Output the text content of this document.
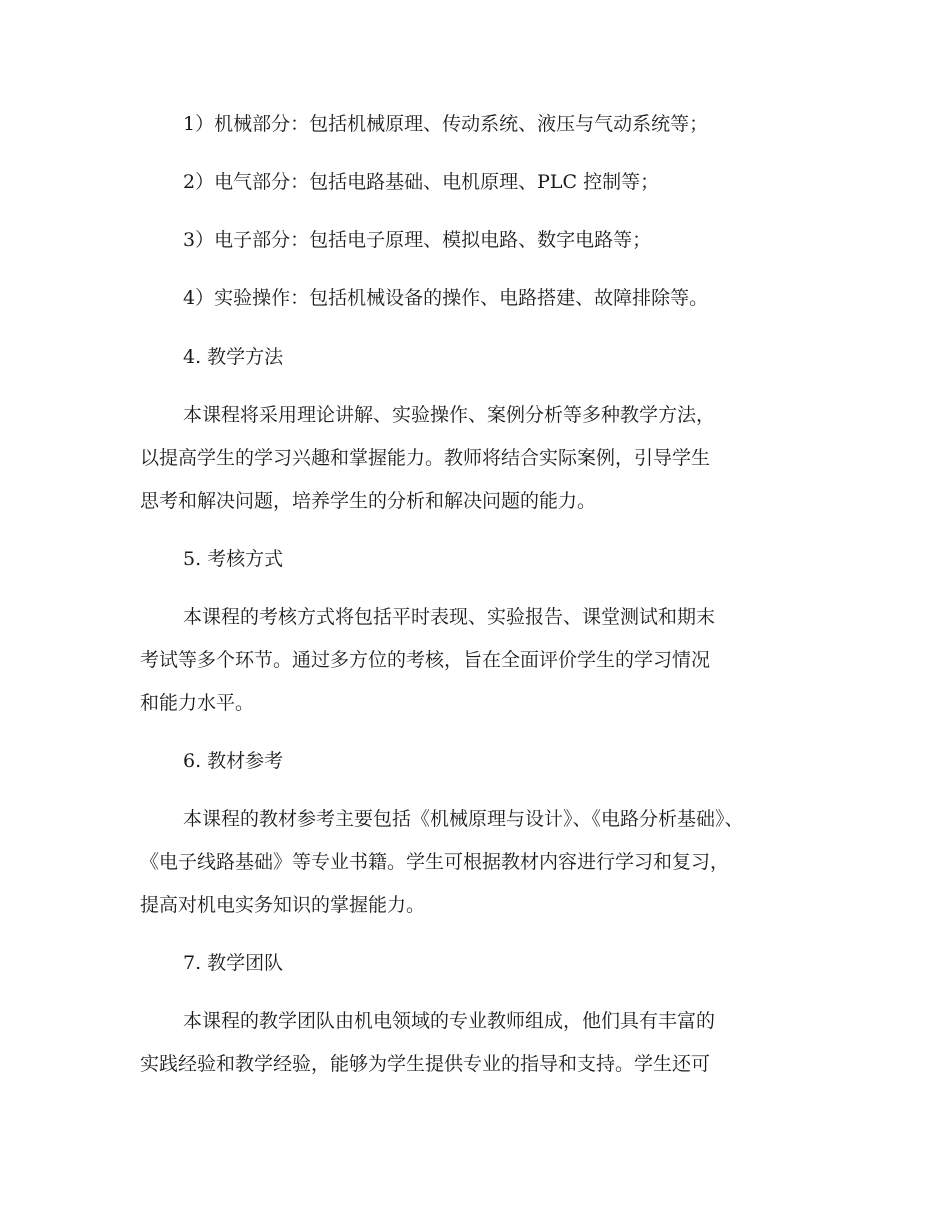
1）机械部分：包括机械原理、传动系统、液压与气动系统等；
2）电气部分：包括电路基础、电机原理、PLC 控制等；
3）电子部分：包括电子原理、模拟电路、数字电路等；
4）实验操作：包括机械设备的操作、电路搭建、故障排除等。
4. 教学方法
本课程将采用理论讲解、实验操作、案例分析等多种教学方法，
以提高学生的学习兴趣和掌握能力。教师将结合实际案例，引导学生
思考和解决问题，培养学生的分析和解决问题的能力。
5. 考核方式
本课程的考核方式将包括平时表现、实验报告、课堂测试和期末
考试等多个环节。通过多方位的考核，旨在全面评价学生的学习情况
和能力水平。
6. 教材参考
本课程的教材参考主要包括《机械原理与设计》、《电路分析基础》、
《电子线路基础》等专业书籍。学生可根据教材内容进行学习和复习，
提高对机电实务知识的掌握能力。
7. 教学团队
本课程的教学团队由机电领域的专业教师组成，他们具有丰富的
实践经验和教学经验，能够为学生提供专业的指导和支持。学生还可
